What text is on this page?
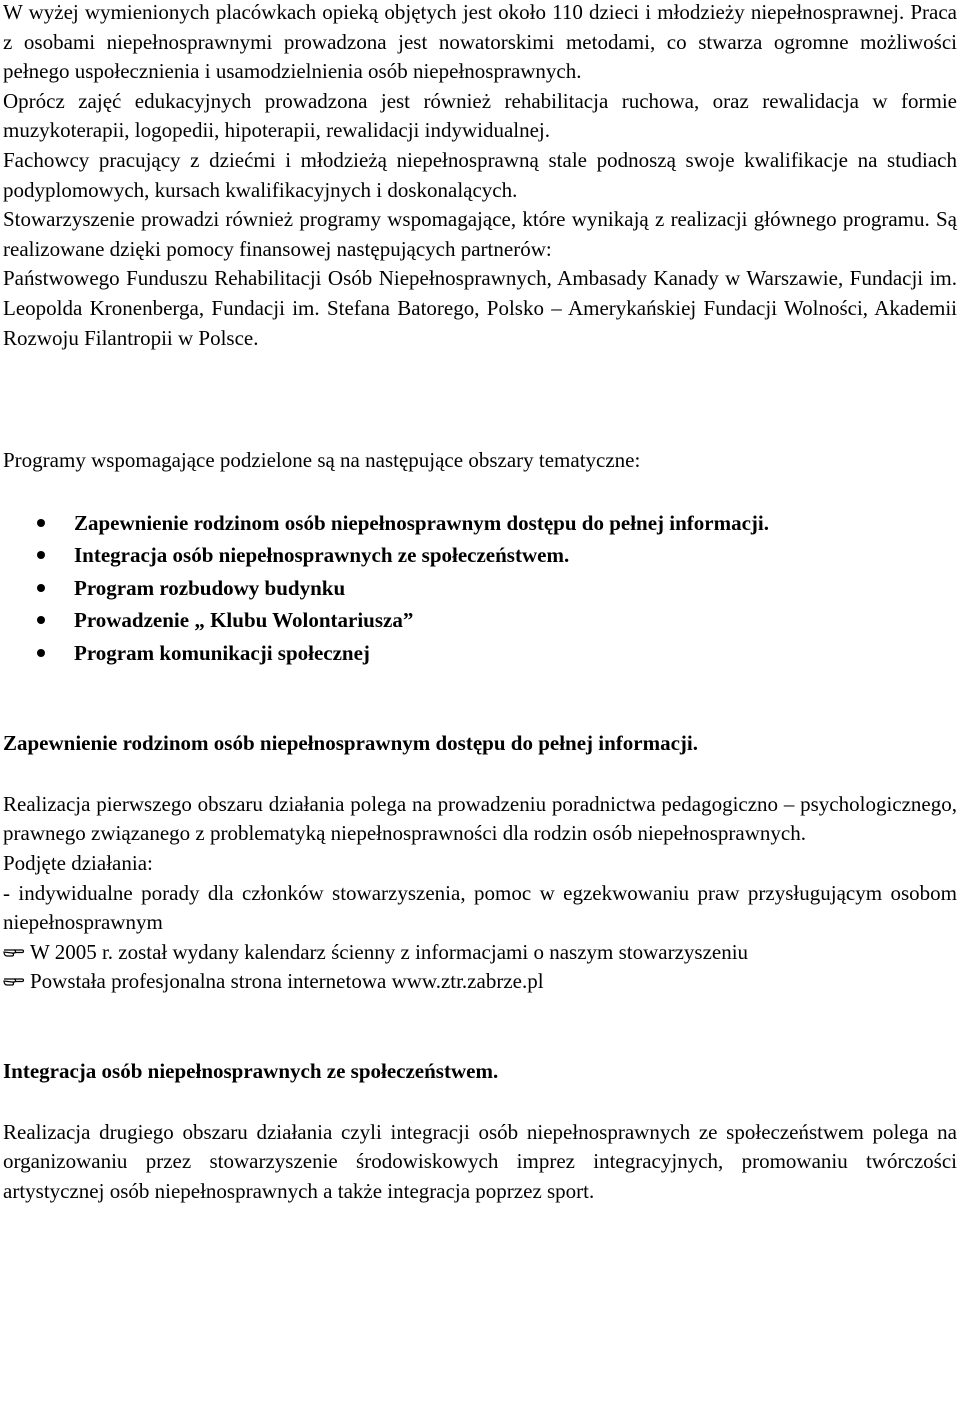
W wyżej wymienionych placówkach opieką objętych jest około 110 dzieci i młodzieży niepełnosprawnej. Praca z osobami niepełnosprawnymi prowadzona jest nowatorskimi metodami, co stwarza ogromne możliwości pełnego uspołecznienia i usamodzielnienia osób niepełnosprawnych.

Oprócz zajęć edukacyjnych prowadzona jest również rehabilitacja ruchowa, oraz rewalidacja w formie muzykoterapii, logopedii, hipoterapii, rewalidacji indywidualnej.

Fachowcy pracujący z dziećmi i młodzieżą niepełnosprawną stale podnoszą swoje kwalifikacje na studiach podyplomowych, kursach kwalifikacyjnych i doskonalących.

Stowarzyszenie prowadzi również programy wspomagające, które wynikają z realizacji głównego programu. Są realizowane dzięki pomocy finansowej następujących partnerów:

Państwowego Funduszu Rehabilitacji Osób Niepełnosprawnych, Ambasady Kanady w Warszawie, Fundacji im. Leopolda Kronenberga, Fundacji im. Stefana Batorego, Polsko – Amerykańskiej Fundacji Wolności, Akademii Rozwoju Filantropii w Polsce.

Programy wspomagające podzielone są na następujące obszary tematyczne:

Zapewnienie rodzinom osób niepełnosprawnym dostępu do pełnej informacji.
Integracja osób niepełnosprawnych ze społeczeństwem.
Program rozbudowy budynku
Prowadzenie „ Klubu Wolontariusza”
Program komunikacji społecznej

Zapewnienie rodzinom osób niepełnosprawnym dostępu do pełnej informacji.

Realizacja pierwszego obszaru działania polega na prowadzeniu poradnictwa pedagogiczno – psychologicznego, prawnego związanego z problematyką niepełnosprawności dla rodzin osób niepełnosprawnych.

Podjęte działania:

- indywidualne porady dla członków stowarzyszenia, pomoc w egzekwowaniu praw przysługującym osobom niepełnosprawnym

W 2005 r. został wydany kalendarz ścienny z informacjami o naszym stowarzyszeniu

Powstała profesjonalna strona internetowa www.ztr.zabrze.pl

Integracja osób niepełnosprawnych ze społeczeństwem.

Realizacja drugiego obszaru działania czyli integracji osób niepełnosprawnych ze społeczeństwem polega na organizowaniu przez stowarzyszenie środowiskowych imprez integracyjnych, promowaniu twórczości artystycznej osób niepełnosprawnych a także integracja poprzez sport.
